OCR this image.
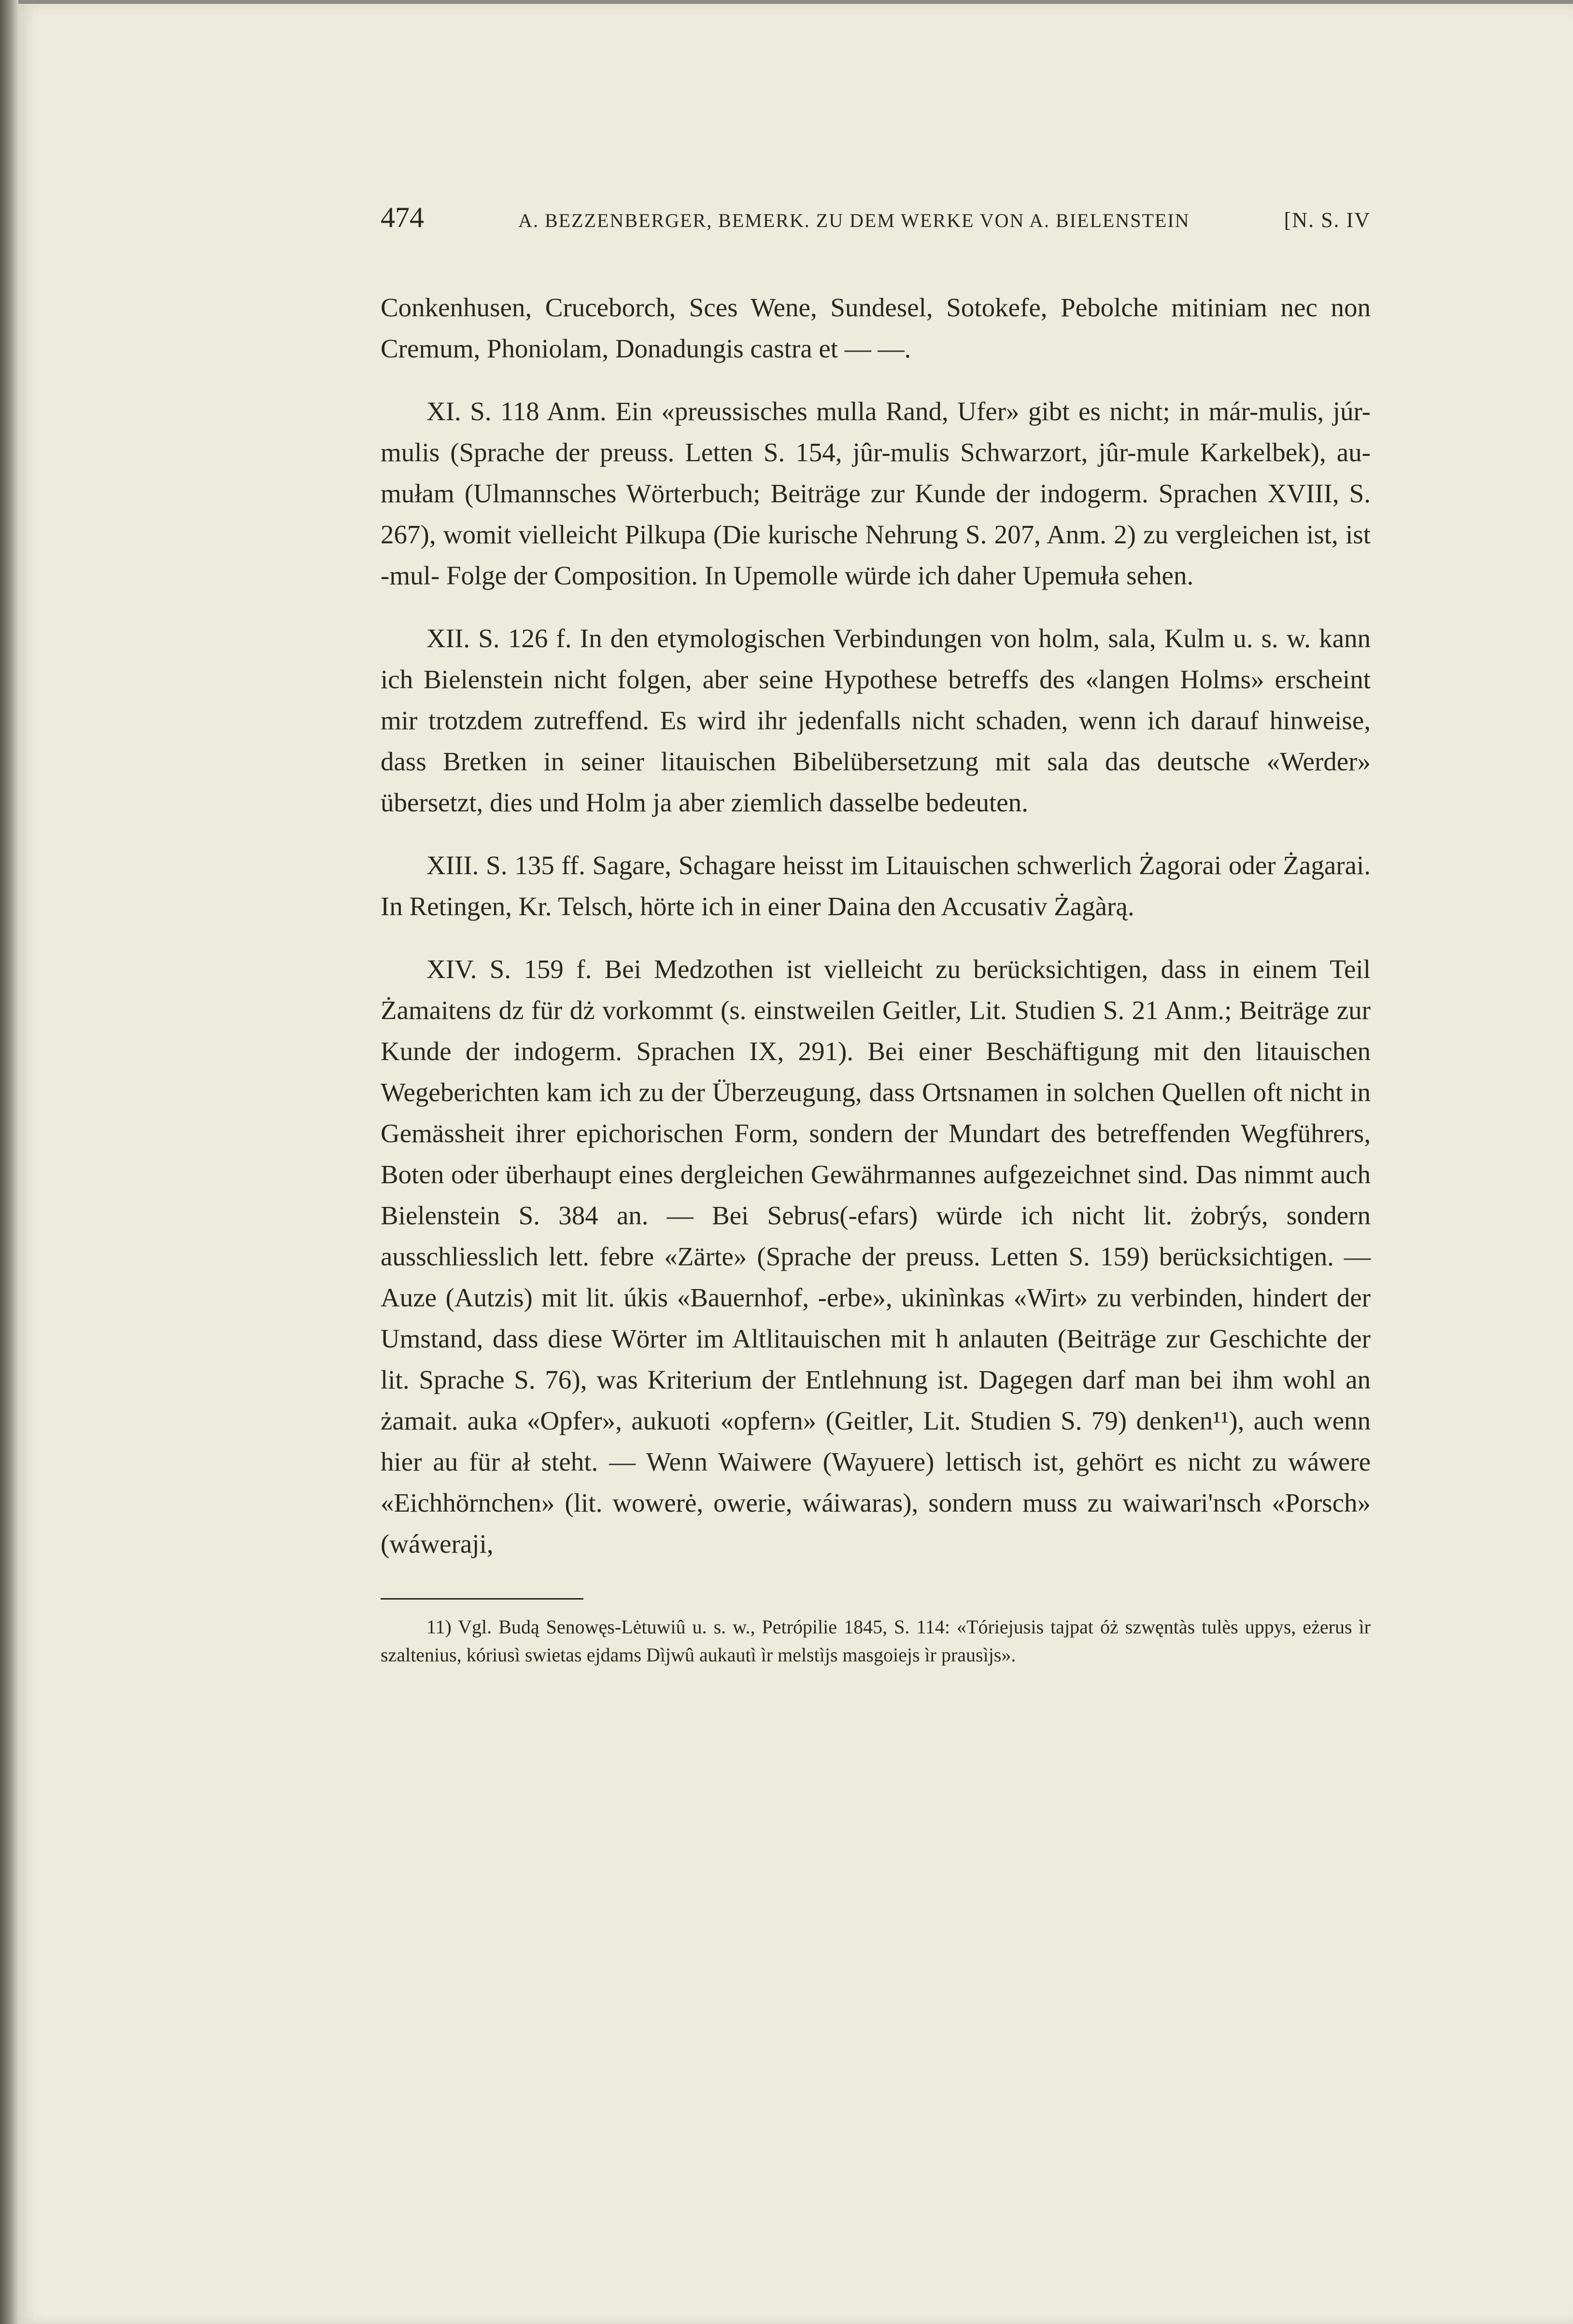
474	A. BEZZENBERGER, BEMERK. ZU DEM WERKE VON A. BIELENSTEIN	[N. S. IV

Conkenhusen, Cruceborch, Sces Wene, Sundesel, Sotokefe, Pebolche mitiniam nec non Cremum, Phoniolam, Donadungis castra et — —.

XI. S. 118 Anm. Ein «preussisches mulla Rand, Ufer» gibt es nicht; in már-mulis, júr-mulis (Sprache der preuss. Letten S. 154, jûr-mulis Schwarzort, jûr-mule Karkelbek), au-mułam (Ulmannsches Wörterbuch; Beiträge zur Kunde der indogerm. Sprachen XVIII, S. 267), womit vielleicht Pilkupa (Die kurische Nehrung S. 207, Anm. 2) zu vergleichen ist, ist -mul- Folge der Composition. In Upemolle würde ich daher Upemuła sehen.

XII. S. 126 f. In den etymologischen Verbindungen von holm, sala, Kulm u. s. w. kann ich Bielenstein nicht folgen, aber seine Hypothese betreffs des «langen Holms» erscheint mir trotzdem zutreffend. Es wird ihr jedenfalls nicht schaden, wenn ich darauf hinweise, dass Bretken in seiner litauischen Bibelübersetzung mit sala das deutsche «Werder» übersetzt, dies und Holm ja aber ziemlich dasselbe bedeuten.

XIII. S. 135 ff. Sagare, Schagare heisst im Litauischen schwerlich Żagorai oder Żagarai. In Retingen, Kr. Telsch, hörte ich in einer Daina den Accusativ Żagàrą.

XIV. S. 159 f. Bei Medzothen ist vielleicht zu berücksichtigen, dass in einem Teil Żamaitens dz für dż vorkommt (s. einstweilen Geitler, Lit. Studien S. 21 Anm.; Beiträge zur Kunde der indogerm. Sprachen IX, 291). Bei einer Beschäftigung mit den litauischen Wegeberichten kam ich zu der Überzeugung, dass Ortsnamen in solchen Quellen oft nicht in Gemässheit ihrer epichorischen Form, sondern der Mundart des betreffenden Wegführers, Boten oder überhaupt eines dergleichen Gewährmannes aufgezeichnet sind. Das nimmt auch Bielenstein S. 384 an. — Bei Sebrus(-efars) würde ich nicht lit. żobrýs, sondern ausschliesslich lett. febre «Zärte» (Sprache der preuss. Letten S. 159) berücksichtigen. — Auze (Autzis) mit lit. úkis «Bauernhof, -erbe», ukinìnkas «Wirt» zu verbinden, hindert der Umstand, dass diese Wörter im Altlitauischen mit h anlauten (Beiträge zur Geschichte der lit. Sprache S. 76), was Kriterium der Entlehnung ist. Dagegen darf man bei ihm wohl an żamait. auka «Opfer», aukuoti «opfern» (Geitler, Lit. Studien S. 79) denken¹¹), auch wenn hier au für ał steht. — Wenn Waiwere (Wayuere) lettisch ist, gehört es nicht zu wáwere «Eichhörnchen» (lit. wowerė, owerie, wáiwaras), sondern muss zu waiwari'nsch «Porsch» (wáweraji,

11) Vgl. Budą Senowęs-Lėtuwiû u. s. w., Petrópilie 1845, S. 114: «Tóriejusis tajpat óż szwęntàs tulès uppys, eżerus ìr szaltenius, kóriusì swietas ejdams Dìjwû aukautì ìr melstìjs masgoiejs ìr prausìjs».
